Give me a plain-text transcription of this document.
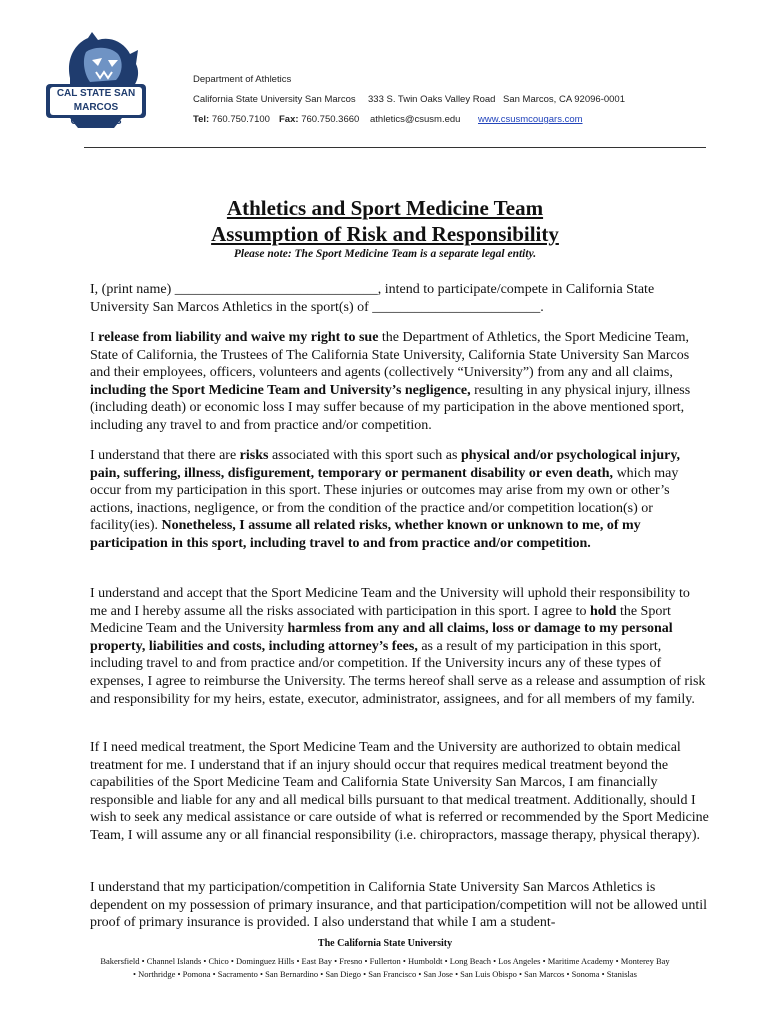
CAL STATE SAN MARCOS COUGARS
Department of Athletics
California State University San Marcos 333 S. Twin Oaks Valley Road San Marcos, CA 92096-0001
Tel: 760.750.7100 Fax: 760.750.3660 athletics@csusm.edu www.csusmcougars.com
Athletics and Sport Medicine Team
Assumption of Risk and Responsibility
Please note: The Sport Medicine Team is a separate legal entity.
I, (print name) _____________________________, intend to participate/compete in California State University San Marcos Athletics in the sport(s) of ________________________.
I release from liability and waive my right to sue the Department of Athletics, the Sport Medicine Team, State of California, the Trustees of The California State University, California State University San Marcos and their employees, officers, volunteers and agents (collectively “University”) from any and all claims, including the Sport Medicine Team and University’s negligence, resulting in any physical injury, illness (including death) or economic loss I may suffer because of my participation in the above mentioned sport, including any travel to and from practice and/or competition.
I understand that there are risks associated with this sport such as physical and/or psychological injury, pain, suffering, illness, disfigurement, temporary or permanent disability or even death, which may occur from my participation in this sport. These injuries or outcomes may arise from my own or other’s actions, inactions, negligence, or from the condition of the practice and/or competition location(s) or facility(ies). Nonetheless, I assume all related risks, whether known or unknown to me, of my participation in this sport, including travel to and from practice and/or competition.
I understand and accept that the Sport Medicine Team and the University will uphold their responsibility to me and I hereby assume all the risks associated with participation in this sport. I agree to hold the Sport Medicine Team and the University harmless from any and all claims, loss or damage to my personal property, liabilities and costs, including attorney’s fees, as a result of my participation in this sport, including travel to and from practice and/or competition. If the University incurs any of these types of expenses, I agree to reimburse the University. The terms hereof shall serve as a release and assumption of risk and responsibility for my heirs, estate, executor, administrator, assignees, and for all members of my family.
If I need medical treatment, the Sport Medicine Team and the University are authorized to obtain medical treatment for me. I understand that if an injury should occur that requires medical treatment beyond the capabilities of the Sport Medicine Team and California State University San Marcos, I am financially responsible and liable for any and all medical bills pursuant to that medical treatment. Additionally, should I wish to seek any medical assistance or care outside of what is referred or recommended by the Sport Medicine Team, I will assume any or all financial responsibility (i.e. chiropractors, massage therapy, physical therapy).
I understand that my participation/competition in California State University San Marcos Athletics is dependent on my possession of primary insurance, and that participation/competition will not be allowed until proof of primary insurance is provided. I also understand that while I am a student-
The California State University
Bakersfield • Channel Islands • Chico • Dominguez Hills • East Bay • Fresno • Fullerton • Humboldt • Long Beach • Los Angeles • Maritime Academy • Monterey Bay
• Northridge • Pomona • Sacramento • San Bernardino • San Diego • San Francisco • San Jose • San Luis Obispo • San Marcos • Sonoma • Stanislas
